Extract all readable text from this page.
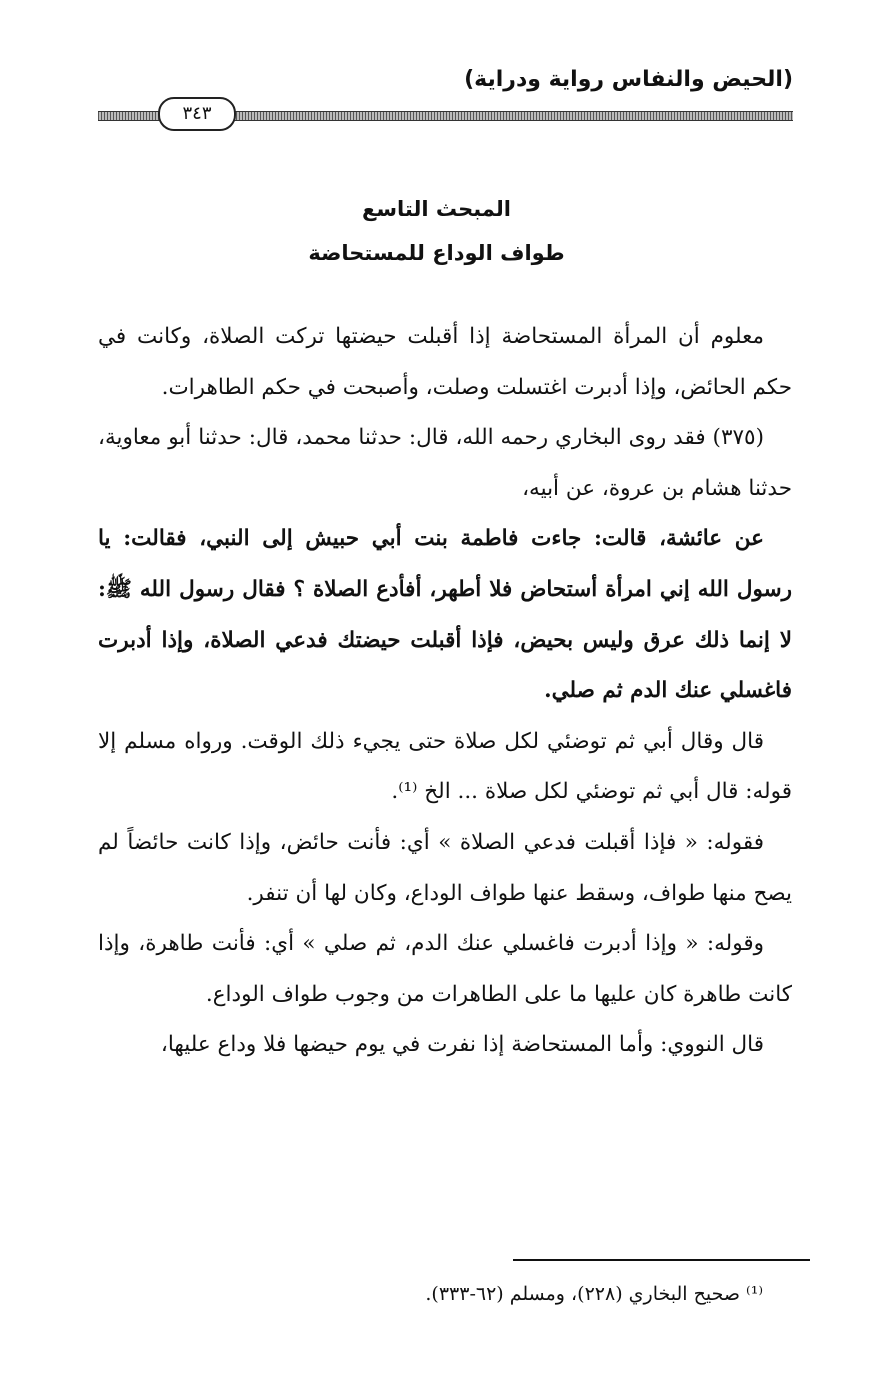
(الحيض والنفاس رواية ودراية)
٣٤٣
المبحث التاسع
طواف الوداع للمستحاضة

معلوم أن المرأة المستحاضة إذا أقبلت حيضتها تركت الصلاة، وكانت في حكم الحائض، وإذا أدبرت اغتسلت وصلت، وأصبحت في حكم الطاهرات.

(٣٧٥) فقد روى البخاري رحمه الله، قال: حدثنا محمد، قال: حدثنا أبو معاوية، حدثنا هشام بن عروة، عن أبيه،

عن عائشة، قالت: جاءت فاطمة بنت أبي حبيش إلى النبي، فقالت: يا رسول الله إني امرأة أستحاض فلا أطهر، أفأدع الصلاة ؟ فقال رسول الله ﷺ: لا إنما ذلك عرق وليس بحيض، فإذا أقبلت حيضتك فدعي الصلاة، وإذا أدبرت فاغسلي عنك الدم ثم صلي.

قال وقال أبي ثم توضئي لكل صلاة حتى يجيء ذلك الوقت. ورواه مسلم إلا قوله: قال أبي ثم توضئي لكل صلاة ... الخ ⁽¹⁾.

فقوله: « فإذا أقبلت فدعي الصلاة » أي: فأنت حائض، وإذا كانت حائضاً لم يصح منها طواف، وسقط عنها طواف الوداع، وكان لها أن تنفر.

وقوله: « وإذا أدبرت فاغسلي عنك الدم، ثم صلي » أي: فأنت طاهرة، وإذا كانت طاهرة كان عليها ما على الطاهرات من وجوب طواف الوداع.

قال النووي: وأما المستحاضة إذا نفرت في يوم حيضها فلا وداع عليها،

⁽¹⁾ صحيح البخاري (٢٢٨)، ومسلم (٦٢-٣٣٣).
